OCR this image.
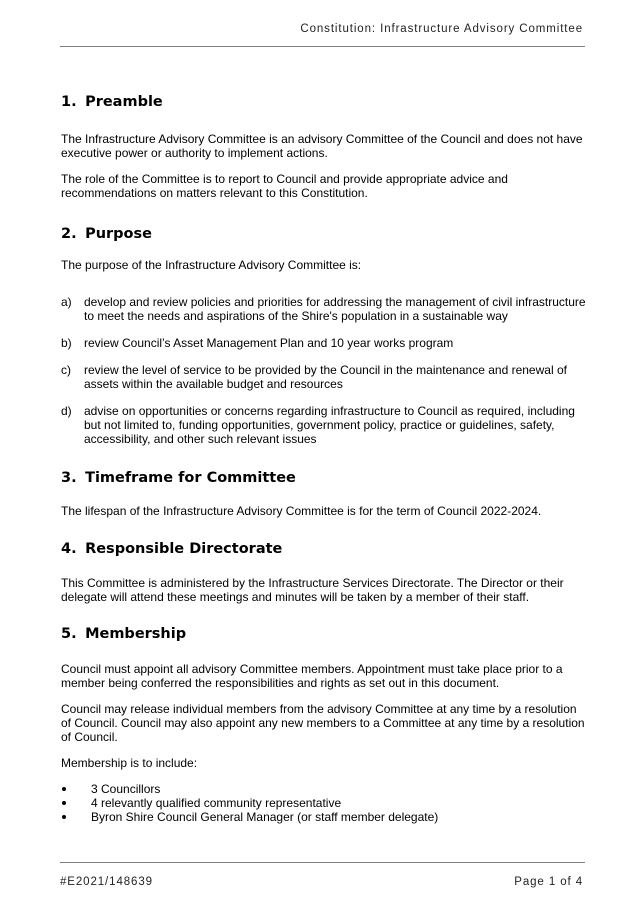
Constitution: Infrastructure Advisory Committee
1. Preamble

The Infrastructure Advisory Committee is an advisory Committee of the Council and does not have executive power or authority to implement actions.

The role of the Committee is to report to Council and provide appropriate advice and recommendations on matters relevant to this Constitution.

2. Purpose

The purpose of the Infrastructure Advisory Committee is:

a) develop and review policies and priorities for addressing the management of civil infrastructure to meet the needs and aspirations of the Shire's population in a sustainable way
b) review Council’s Asset Management Plan and 10 year works program
c) review the level of service to be provided by the Council in the maintenance and renewal of assets within the available budget and resources
d) advise on opportunities or concerns regarding infrastructure to Council as required, including but not limited to, funding opportunities, government policy, practice or guidelines, safety, accessibility, and other such relevant issues
3. Timeframe for Committee

The lifespan of the Infrastructure Advisory Committee is for the term of Council 2022-2024.

4. Responsible Directorate

This Committee is administered by the Infrastructure Services Directorate. The Director or their delegate will attend these meetings and minutes will be taken by a member of their staff.

5. Membership

Council must appoint all advisory Committee members. Appointment must take place prior to a member being conferred the responsibilities and rights as set out in this document.

Council may release individual members from the advisory Committee at any time by a resolution of Council. Council may also appoint any new members to a Committee at any time by a resolution of Council.

Membership is to include:

3 Councillors
4 relevantly qualified community representative
Byron Shire Council General Manager (or staff member delegate)
#E2021/148639	Page 1 of 4
